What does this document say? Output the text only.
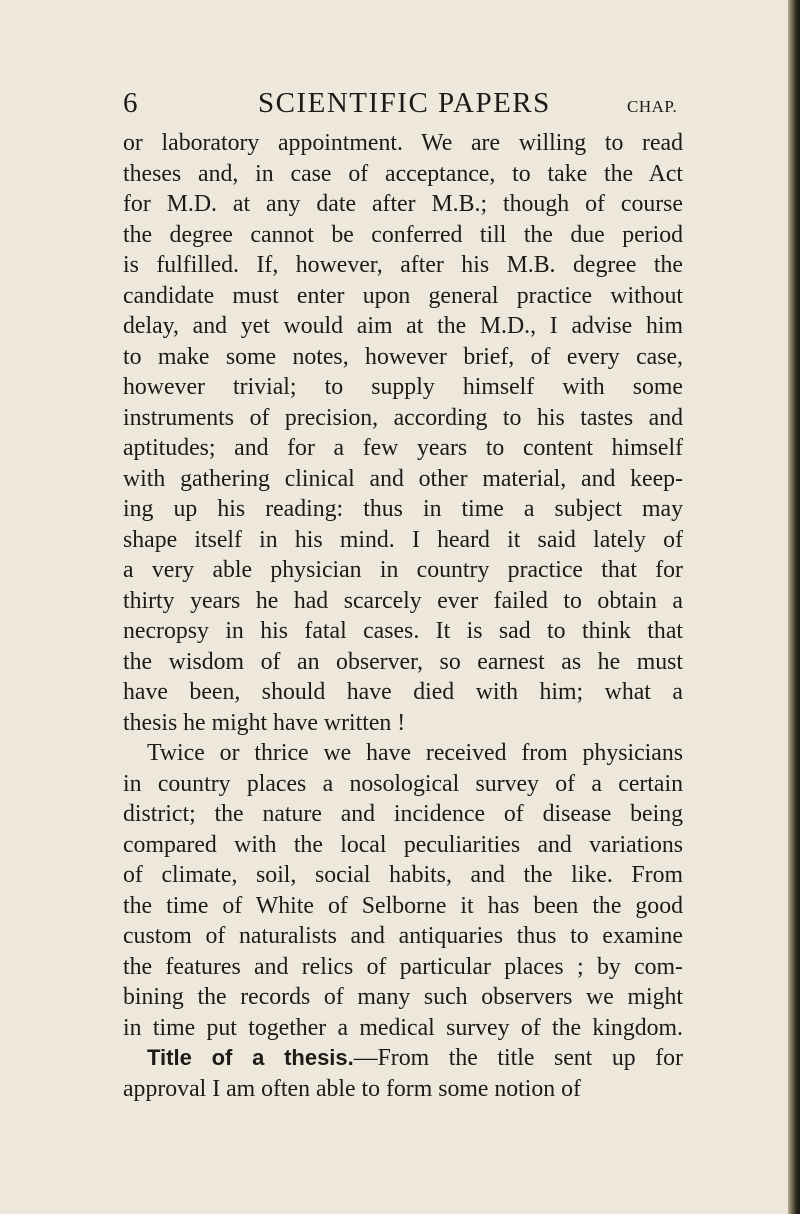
6	SCIENTIFIC PAPERS	CHAP.
or laboratory appointment. We are willing to read
theses and, in case of acceptance, to take the Act
for M.D. at any date after M.B.; though of course
the degree cannot be conferred till the due period
is fulfilled. If, however, after his M.B. degree the
candidate must enter upon general practice without
delay, and yet would aim at the M.D., I advise him
to make some notes, however brief, of every case,
however trivial; to supply himself with some
instruments of precision, according to his tastes and
aptitudes; and for a few years to content himself
with gathering clinical and other material, and keep-
ing up his reading: thus in time a subject may
shape itself in his mind. I heard it said lately of
a very able physician in country practice that for
thirty years he had scarcely ever failed to obtain a
necropsy in his fatal cases. It is sad to think that
the wisdom of an observer, so earnest as he must
have been, should have died with him; what a
thesis he might have written !
Twice or thrice we have received from physicians
in country places a nosological survey of a certain
district; the nature and incidence of disease being
compared with the local peculiarities and variations
of climate, soil, social habits, and the like. From
the time of White of Selborne it has been the good
custom of naturalists and antiquaries thus to examine
the features and relics of particular places ; by com-
bining the records of many such observers we might
in time put together a medical survey of the kingdom.
Title of a thesis.—From the title sent up for
approval I am often able to form some notion of
